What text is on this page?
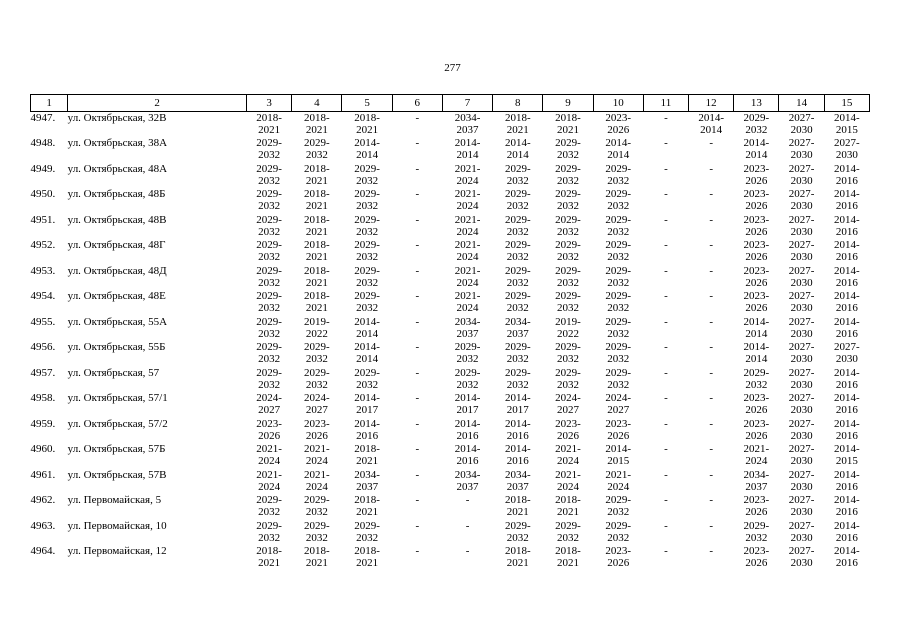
277
1	2	3	4	5	6	7	8	9	10	11	12	13	14	15
4947.	ул. Октябрьская, 32В	2018-
2021	2018-
2021	2018-
2021	-	2034-
2037	2018-
2021	2018-
2021	2023-
2026	-	2014-
2014	2029-
2032	2027-
2030	2014-
2015
4948.	ул. Октябрьская, 38А	2029-
2032	2029-
2032	2014-
2014	-	2014-
2014	2014-
2014	2029-
2032	2014-
2014	-	-	2014-
2014	2027-
2030	2027-
2030
4949.	ул. Октябрьская, 48А	2029-
2032	2018-
2021	2029-
2032	-	2021-
2024	2029-
2032	2029-
2032	2029-
2032	-	-	2023-
2026	2027-
2030	2014-
2016
4950.	ул. Октябрьская, 48Б	2029-
2032	2018-
2021	2029-
2032	-	2021-
2024	2029-
2032	2029-
2032	2029-
2032	-	-	2023-
2026	2027-
2030	2014-
2016
4951.	ул. Октябрьская, 48В	2029-
2032	2018-
2021	2029-
2032	-	2021-
2024	2029-
2032	2029-
2032	2029-
2032	-	-	2023-
2026	2027-
2030	2014-
2016
4952.	ул. Октябрьская, 48Г	2029-
2032	2018-
2021	2029-
2032	-	2021-
2024	2029-
2032	2029-
2032	2029-
2032	-	-	2023-
2026	2027-
2030	2014-
2016
4953.	ул. Октябрьская, 48Д	2029-
2032	2018-
2021	2029-
2032	-	2021-
2024	2029-
2032	2029-
2032	2029-
2032	-	-	2023-
2026	2027-
2030	2014-
2016
4954.	ул. Октябрьская, 48Е	2029-
2032	2018-
2021	2029-
2032	-	2021-
2024	2029-
2032	2029-
2032	2029-
2032	-	-	2023-
2026	2027-
2030	2014-
2016
4955.	ул. Октябрьская, 55А	2029-
2032	2019-
2022	2014-
2014	-	2034-
2037	2034-
2037	2019-
2022	2029-
2032	-	-	2014-
2014	2027-
2030	2014-
2016
4956.	ул. Октябрьская, 55Б	2029-
2032	2029-
2032	2014-
2014	-	2029-
2032	2029-
2032	2029-
2032	2029-
2032	-	-	2014-
2014	2027-
2030	2027-
2030
4957.	ул. Октябрьская, 57	2029-
2032	2029-
2032	2029-
2032	-	2029-
2032	2029-
2032	2029-
2032	2029-
2032	-	-	2029-
2032	2027-
2030	2014-
2016
4958.	ул. Октябрьская, 57/1	2024-
2027	2024-
2027	2014-
2017	-	2014-
2017	2014-
2017	2024-
2027	2024-
2027	-	-	2023-
2026	2027-
2030	2014-
2016
4959.	ул. Октябрьская, 57/2	2023-
2026	2023-
2026	2014-
2016	-	2014-
2016	2014-
2016	2023-
2026	2023-
2026	-	-	2023-
2026	2027-
2030	2014-
2016
4960.	ул. Октябрьская, 57Б	2021-
2024	2021-
2024	2018-
2021	-	2014-
2016	2014-
2016	2021-
2024	2014-
2015	-	-	2021-
2024	2027-
2030	2014-
2015
4961.	ул. Октябрьская, 57В	2021-
2024	2021-
2024	2034-
2037	-	2034-
2037	2034-
2037	2021-
2024	2021-
2024	-	-	2034-
2037	2027-
2030	2014-
2016
4962.	ул. Первомайская, 5	2029-
2032	2029-
2032	2018-
2021	-	-	2018-
2021	2018-
2021	2029-
2032	-	-	2023-
2026	2027-
2030	2014-
2016
4963.	ул. Первомайская, 10	2029-
2032	2029-
2032	2029-
2032	-	-	2029-
2032	2029-
2032	2029-
2032	-	-	2029-
2032	2027-
2030	2014-
2016
4964.	ул. Первомайская, 12	2018-
2021	2018-
2021	2018-
2021	-	-	2018-
2021	2018-
2021	2023-
2026	-	-	2023-
2026	2027-
2030	2014-
2016
